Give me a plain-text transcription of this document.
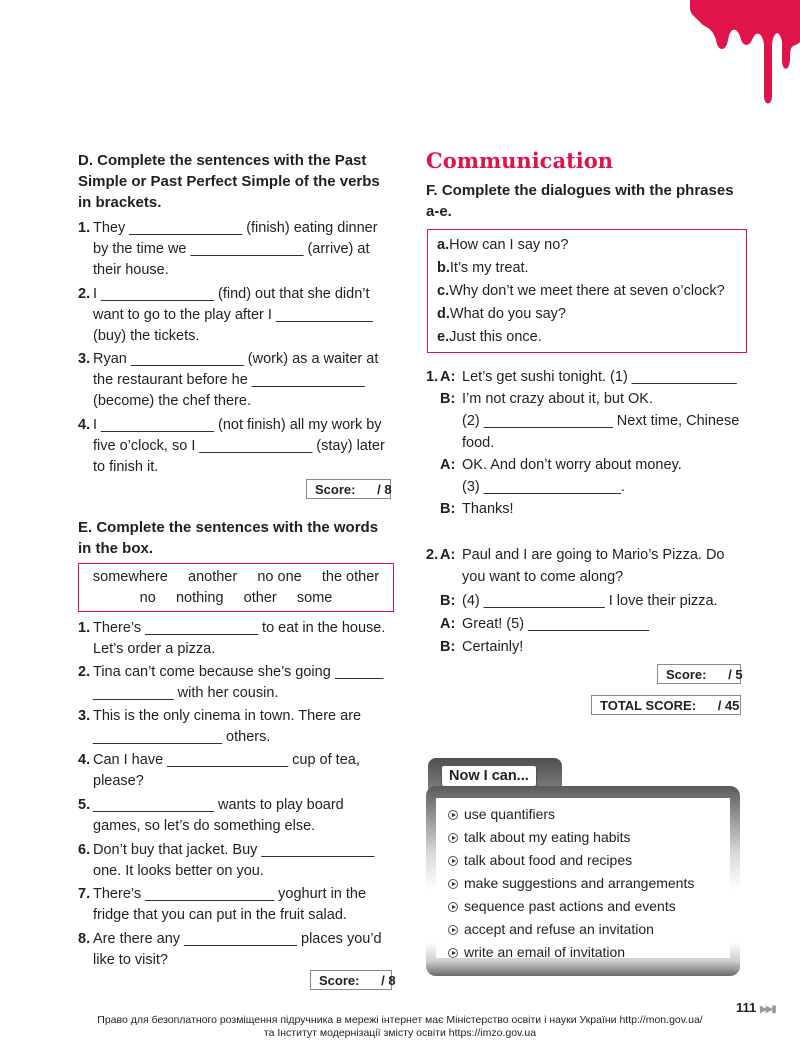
D. Complete the sentences with the Past
Simple or Past Perfect Simple of the verbs
in brackets.
1. They ______________ (finish) eating dinner
by the time we ______________ (arrive) at
their house.
2. I ______________ (find) out that she didn’t
want to go to the play after I ____________
(buy) the tickets.
3. Ryan ______________ (work) as a waiter at
the restaurant before he ______________
(become) the chef there.
4. I ______________ (not finish) all my work by
five o’clock, so I ______________ (stay) later
to finish it.
Score:      / 8
E. Complete the sentences with the words
in the box.
somewhere another no one the other
no nothing other some
1. There’s ______________ to eat in the house.
Let’s order a pizza.
2. Tina can’t come because she’s going ______
__________ with her cousin.
3. This is the only cinema in town. There are
________________ others.
4. Can I have _______________ cup of tea,
please?
5. _______________ wants to play board
games, so let’s do something else.
6. Don’t buy that jacket. Buy ______________
one. It looks better on you.
7. There’s ________________ yoghurt in the
fridge that you can put in the fruit salad.
8. Are there any ______________ places you’d
like to visit?
Score:      / 8
Communication
F. Complete the dialogues with the phrases
a-e.
a.How can I say no?
b.It’s my treat.
c.Why don’t we meet there at seven o’clock?
d.What do you say?
e.Just this once.
1. A: Let’s get sushi tonight. (1) _____________
B: I’m not crazy about it, but OK.
(2) ________________ Next time, Chinese
food.
A: OK. And don’t worry about money.
(3) _________________.
B: Thanks!
2. A: Paul and I are going to Mario’s Pizza. Do
you want to come along?
B: (4) _______________ I love their pizza.
A: Great! (5) _______________
B: Certainly!
Score:      / 5
TOTAL SCORE:      / 45
Now I can...
use quantifiers
talk about my eating habits
talk about food and recipes
make suggestions and arrangements
sequence past actions and events
accept and refuse an invitation
write an email of invitation
111 ▶▶▮
Право для безоплатного розміщення підручника в мережі інтернет має Міністерство освіти і науки України http://mon.gov.ua/
та Інститут модернізації змісту освіти https://imzo.gov.ua
